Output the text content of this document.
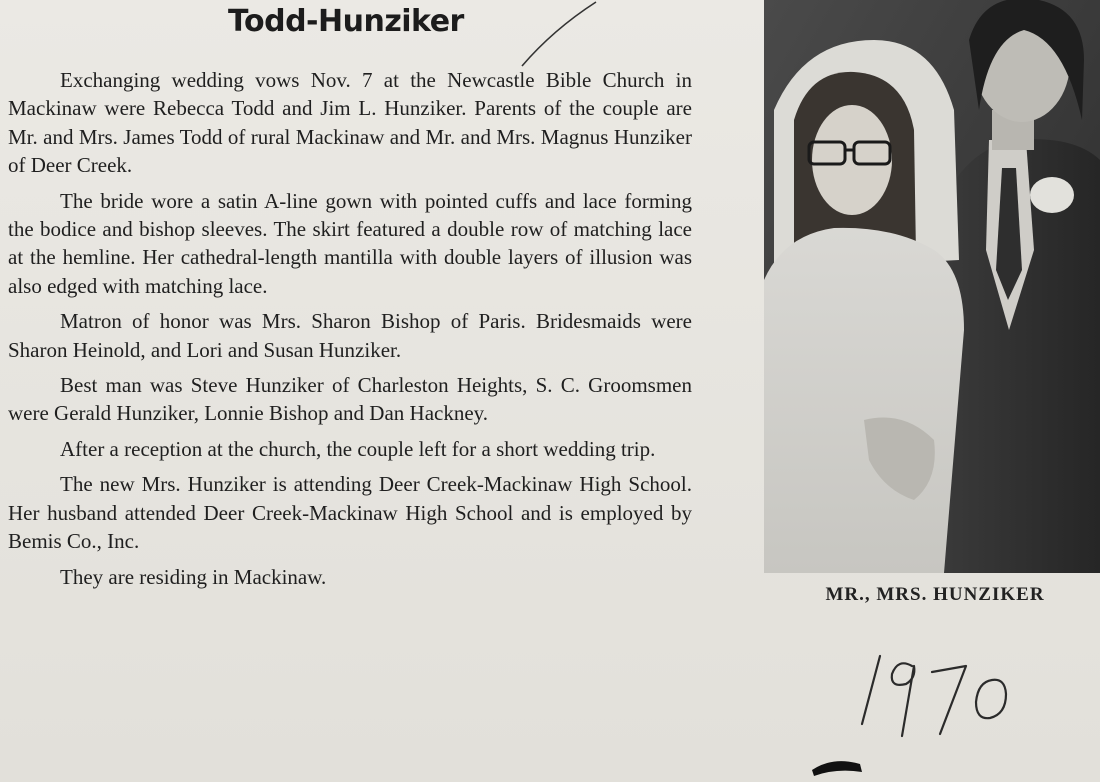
Todd-Hunziker

Exchanging wedding vows Nov. 7 at the Newcastle Bible Church in Mackinaw were Rebecca Todd and Jim L. Hunziker. Parents of the couple are Mr. and Mrs. James Todd of rural Mackinaw and Mr. and Mrs. Magnus Hunziker of Deer Creek.

The bride wore a satin A-line gown with pointed cuffs and lace forming the bodice and bishop sleeves. The skirt featured a double row of matching lace at the hemline. Her cathedral-length mantilla with double layers of illusion was also edged with matching lace.

Matron of honor was Mrs. Sharon Bishop of Paris. Bridesmaids were Sharon Heinold, and Lori and Susan Hunziker.

Best man was Steve Hunziker of Charleston Heights, S. C. Groomsmen were Gerald Hunziker, Lonnie Bishop and Dan Hackney.

After a reception at the church, the couple left for a short wedding trip.

The new Mrs. Hunziker is attending Deer Creek-Mackinaw High School. Her husband attended Deer Creek-Mackinaw High School and is employed by Bemis Co., Inc.

They are residing in Mackinaw.

MR., MRS. HUNZIKER
